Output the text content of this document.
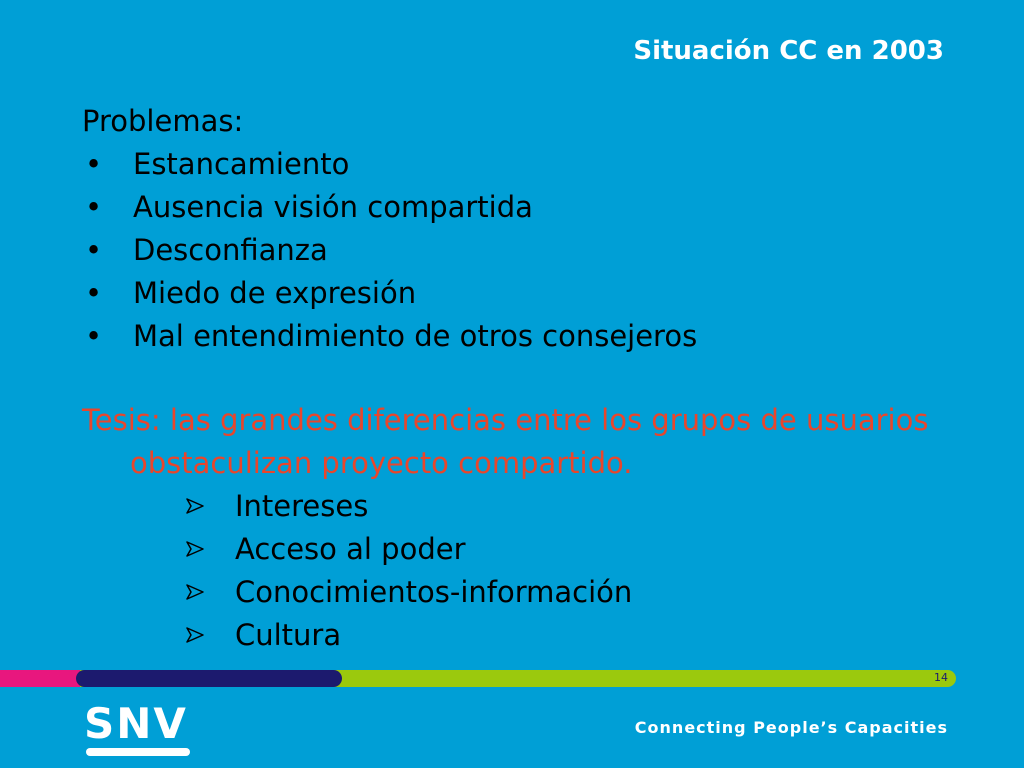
Situación CC en 2003
Problemas:
• Estancamiento
• Ausencia visión compartida
• Desconfianza
• Miedo de expresión
• Mal entendimiento de otros consejeros
Tesis: las grandes diferencias entre los grupos de usuarios obstaculizan proyecto compartido.
Intereses
Acceso al poder
Conocimientos-información
Cultura
14
SNV	Connecting People’s Capacities
